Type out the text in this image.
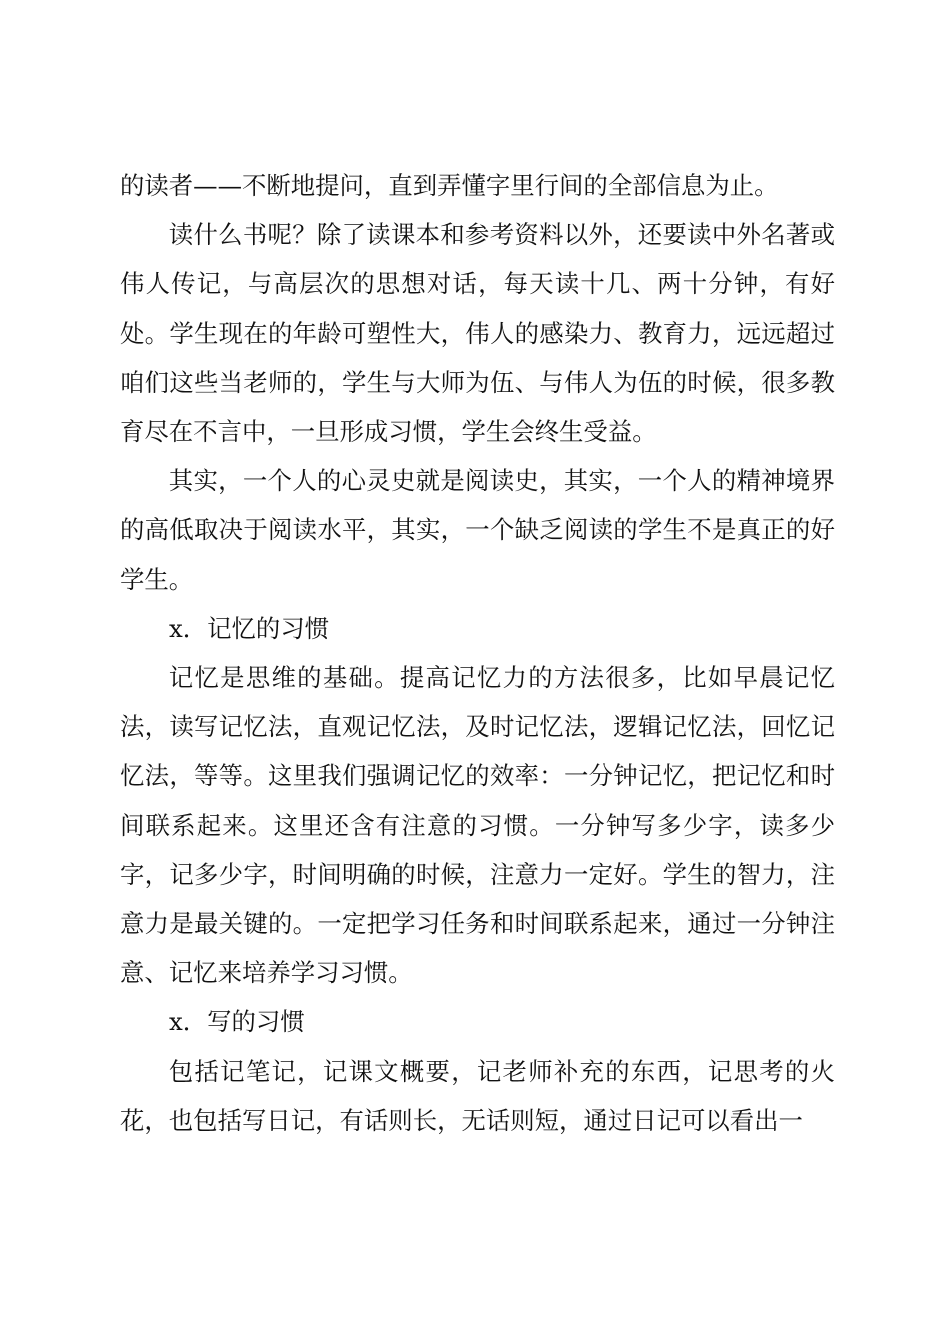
的读者——不断地提问，直到弄懂字里行间的全部信息为止。

读什么书呢？除了读课本和参考资料以外，还要读中外名著或伟人传记，与高层次的思想对话，每天读十几、两十分钟，有好处。学生现在的年龄可塑性大，伟人的感染力、教育力，远远超过咱们这些当老师的，学生与大师为伍、与伟人为伍的时候，很多教育尽在不言中，一旦形成习惯，学生会终生受益。

其实，一个人的心灵史就是阅读史，其实，一个人的精神境界的高低取决于阅读水平，其实，一个缺乏阅读的学生不是真正的好学生。

x．记忆的习惯

记忆是思维的基础。提高记忆力的方法很多，比如早晨记忆法，读写记忆法，直观记忆法，及时记忆法，逻辑记忆法，回忆记忆法，等等。这里我们强调记忆的效率：一分钟记忆，把记忆和时间联系起来。这里还含有注意的习惯。一分钟写多少字，读多少字，记多少字，时间明确的时候，注意力一定好。学生的智力，注意力是最关键的。一定把学习任务和时间联系起来，通过一分钟注意、记忆来培养学习习惯。

x．写的习惯

包括记笔记，记课文概要，记老师补充的东西，记思考的火花，也包括写日记，有话则长，无话则短，通过日记可以看出一
